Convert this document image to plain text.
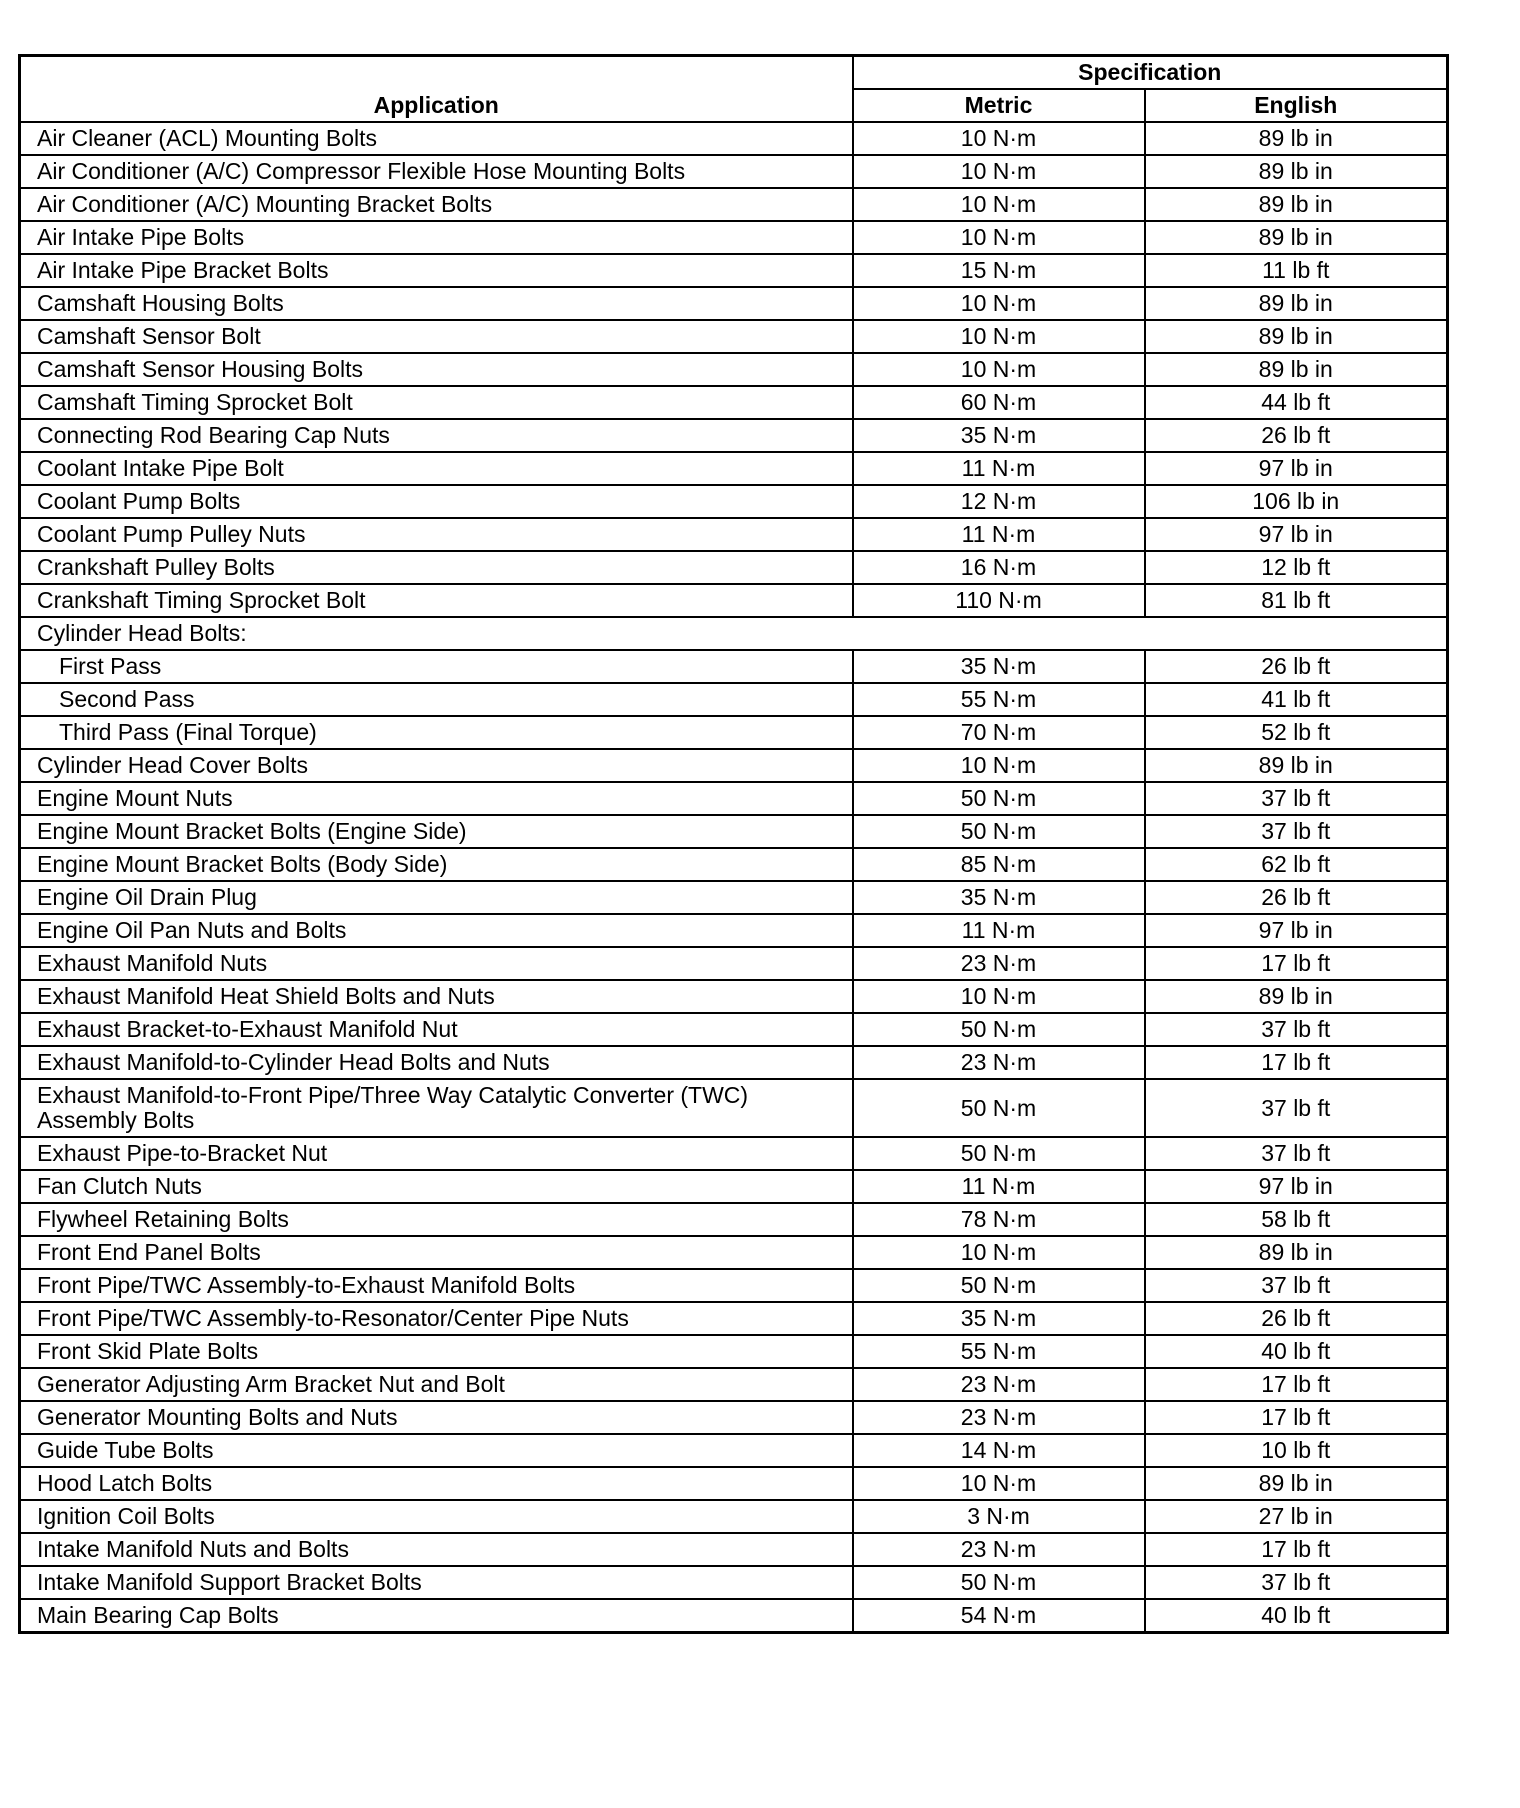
Application	Specification	
	Metric	English
Air Cleaner (ACL) Mounting Bolts	10 N·m	89 lb in
Air Conditioner (A/C) Compressor Flexible Hose Mounting Bolts	10 N·m	89 lb in
Air Conditioner (A/C) Mounting Bracket Bolts	10 N·m	89 lb in
Air Intake Pipe Bolts	10 N·m	89 lb in
Air Intake Pipe Bracket Bolts	15 N·m	11 lb ft
Camshaft Housing Bolts	10 N·m	89 lb in
Camshaft Sensor Bolt	10 N·m	89 lb in
Camshaft Sensor Housing Bolts	10 N·m	89 lb in
Camshaft Timing Sprocket Bolt	60 N·m	44 lb ft
Connecting Rod Bearing Cap Nuts	35 N·m	26 lb ft
Coolant Intake Pipe Bolt	11 N·m	97 lb in
Coolant Pump Bolts	12 N·m	106 lb in
Coolant Pump Pulley Nuts	11 N·m	97 lb in
Crankshaft Pulley Bolts	16 N·m	12 lb ft
Crankshaft Timing Sprocket Bolt	110 N·m	81 lb ft
Cylinder Head Bolts:		
First Pass	35 N·m	26 lb ft
Second Pass	55 N·m	41 lb ft
Third Pass (Final Torque)	70 N·m	52 lb ft
Cylinder Head Cover Bolts	10 N·m	89 lb in
Engine Mount Nuts	50 N·m	37 lb ft
Engine Mount Bracket Bolts (Engine Side)	50 N·m	37 lb ft
Engine Mount Bracket Bolts (Body Side)	85 N·m	62 lb ft
Engine Oil Drain Plug	35 N·m	26 lb ft
Engine Oil Pan Nuts and Bolts	11 N·m	97 lb in
Exhaust Manifold Nuts	23 N·m	17 lb ft
Exhaust Manifold Heat Shield Bolts and Nuts	10 N·m	89 lb in
Exhaust Bracket-to-Exhaust Manifold Nut	50 N·m	37 lb ft
Exhaust Manifold-to-Cylinder Head Bolts and Nuts	23 N·m	17 lb ft
Exhaust Manifold-to-Front Pipe/Three Way Catalytic Converter (TWC) Assembly Bolts	50 N·m	37 lb ft
Exhaust Pipe-to-Bracket Nut	50 N·m	37 lb ft
Fan Clutch Nuts	11 N·m	97 lb in
Flywheel Retaining Bolts	78 N·m	58 lb ft
Front End Panel Bolts	10 N·m	89 lb in
Front Pipe/TWC Assembly-to-Exhaust Manifold Bolts	50 N·m	37 lb ft
Front Pipe/TWC Assembly-to-Resonator/Center Pipe Nuts	35 N·m	26 lb ft
Front Skid Plate Bolts	55 N·m	40 lb ft
Generator Adjusting Arm Bracket Nut and Bolt	23 N·m	17 lb ft
Generator Mounting Bolts and Nuts	23 N·m	17 lb ft
Guide Tube Bolts	14 N·m	10 lb ft
Hood Latch Bolts	10 N·m	89 lb in
Ignition Coil Bolts	3 N·m	27 lb in
Intake Manifold Nuts and Bolts	23 N·m	17 lb ft
Intake Manifold Support Bracket Bolts	50 N·m	37 lb ft
Main Bearing Cap Bolts	54 N·m	40 lb ft
